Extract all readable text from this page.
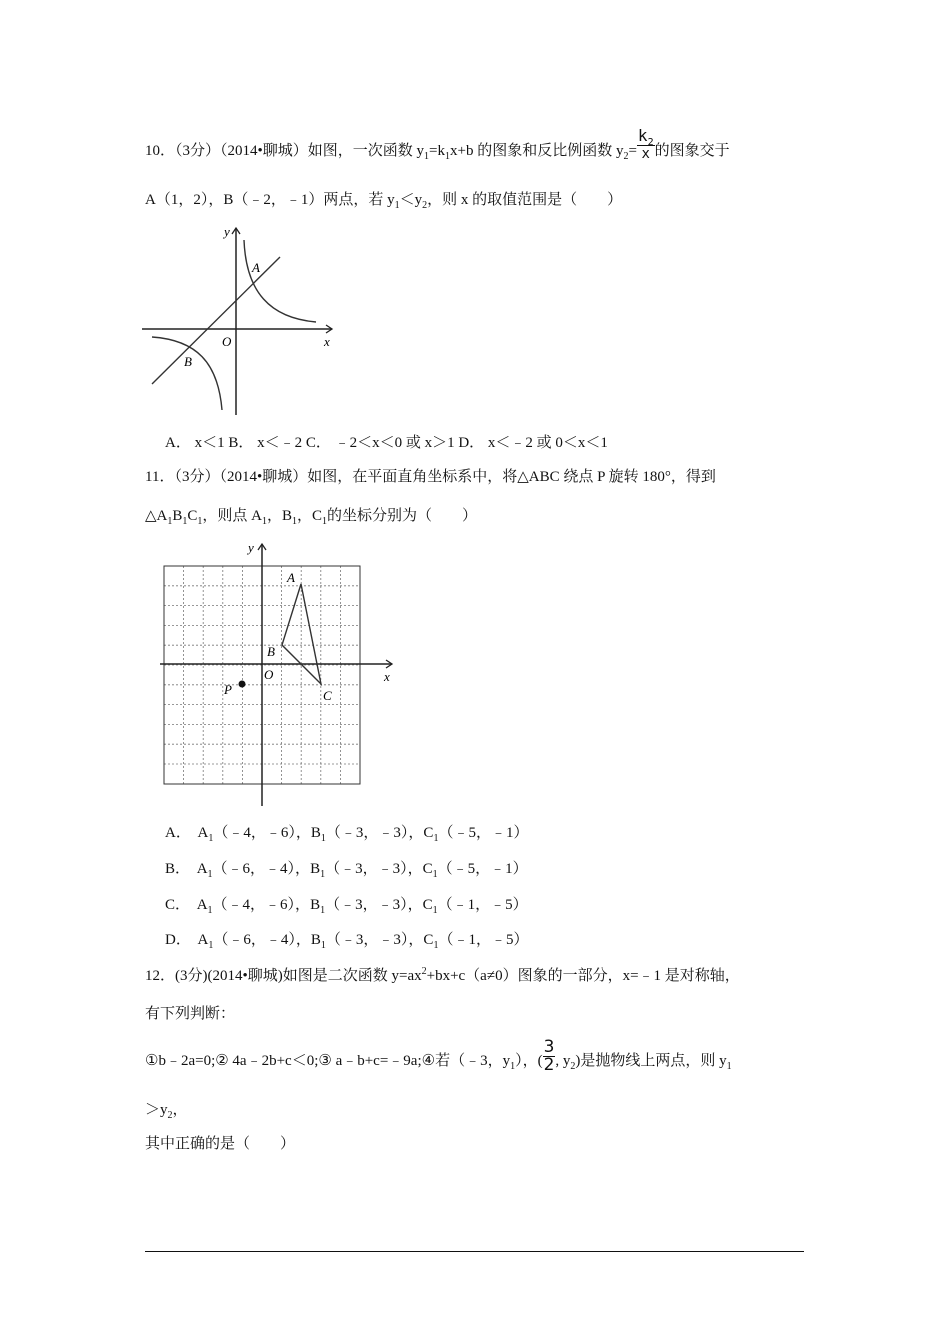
10．（3分）（2014•聊城）如图，一次函数 $y_1=k_1x+b$ 的图象和反比例函数 $y_2= \frac{k_2}{x}$ 的图象交于
A（1，2），B（﹣2，﹣1）两点，若 $y_1<y_2$，则 x 的取值范围是（　　）
y
x
O
A
B
A． x＜1 B． x＜﹣2 C． ﹣2＜x＜0 或 x＞1 D． x＜﹣2 或 0＜x＜1
11．（3分）（2014•聊城）如图，在平面直角坐标系中，将△ABC 绕点 P 旋转 180°，得到
$\triangle A_1B_1C_1$，则点 $A_1$，$B_1$，$C_1$的坐标分别为（　　）
y
x
O
A
B
C
P
A． $A_1(﹣4$，﹣6），$B_1(﹣3$，﹣3），$C_1(﹣5$，﹣1）
B． $A_1(﹣6$，﹣4），$B_1(﹣3$，﹣3），$C_1(﹣5$，﹣1）
C． $A_1(﹣4$，﹣6），$B_1(﹣3$，﹣3），$C_1(﹣1$，﹣5）
D． $A_1(﹣6$，﹣4），$B_1(﹣3$，﹣3），$C_1(﹣1$，﹣5）
12．(3分)(2014•聊城)如图是二次函数 $y=ax^2+bx+c(a\ne 0)$图象的一部分，x=﹣1 是对称轴，
有下列判断：
①b﹣2a=0;② 4a﹣2b+c＜0;③ a﹣b+c=﹣9a;④若（﹣3，$y_1$），( $\frac{3}{2}$ , $y_2$)是抛物线上两点，则 $y_1$
$>y_2$，
其中正确的是（　　）
